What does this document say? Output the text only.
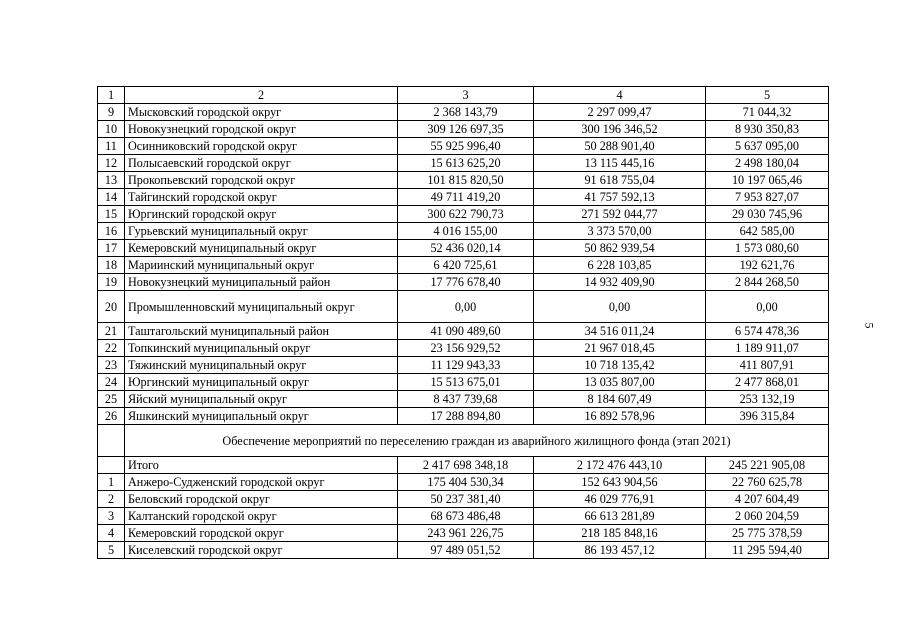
1	2	3	4	5
9	Мысковский городской округ	2 368 143,79	2 297 099,47	71 044,32
10	Новокузнецкий городской округ	309 126 697,35	300 196 346,52	8 930 350,83
11	Осинниковский городской округ	55 925 996,40	50 288 901,40	5 637 095,00
12	Полысаевский городской округ	15 613 625,20	13 115 445,16	2 498 180,04
13	Прокопьевский городской округ	101 815 820,50	91 618 755,04	10 197 065,46
14	Тайгинский городской округ	49 711 419,20	41 757 592,13	7 953 827,07
15	Юргинский городской округ	300 622 790,73	271 592 044,77	29 030 745,96
16	Гурьевский муниципальный округ	4 016 155,00	3 373 570,00	642 585,00
17	Кемеровский муниципальный округ	52 436 020,14	50 862 939,54	1 573 080,60
18	Мариинский муниципальный округ	6 420 725,61	6 228 103,85	192 621,76
19	Новокузнецкий муниципальный район	17 776 678,40	14 932 409,90	2 844 268,50
20	Промышленновский муниципальный округ	0,00	0,00	0,00
21	Таштагольский муниципальный район	41 090 489,60	34 516 011,24	6 574 478,36
22	Топкинский муниципальный округ	23 156 929,52	21 967 018,45	1 189 911,07
23	Тяжинский муниципальный округ	11 129 943,33	10 718 135,42	411 807,91
24	Юргинский муниципальный округ	15 513 675,01	13 035 807,00	2 477 868,01
25	Яйский муниципальный округ	8 437 739,68	8 184 607,49	253 132,19
26	Яшкинский муниципальный округ	17 288 894,80	16 892 578,96	396 315,84
	Обеспечение мероприятий по переселению граждан из аварийного жилищного фонда (этап 2021)			
	Итого	2 417 698 348,18	2 172 476 443,10	245 221 905,08
1	Анжеро-Судженский городской округ	175 404 530,34	152 643 904,56	22 760 625,78
2	Беловский городской округ	50 237 381,40	46 029 776,91	4 207 604,49
3	Калтанский городской округ	68 673 486,48	66 613 281,89	2 060 204,59
4	Кемеровский городской округ	243 961 226,75	218 185 848,16	25 775 378,59
5	Киселевский городской округ	97 489 051,52	86 193 457,12	11 295 594,40
5
